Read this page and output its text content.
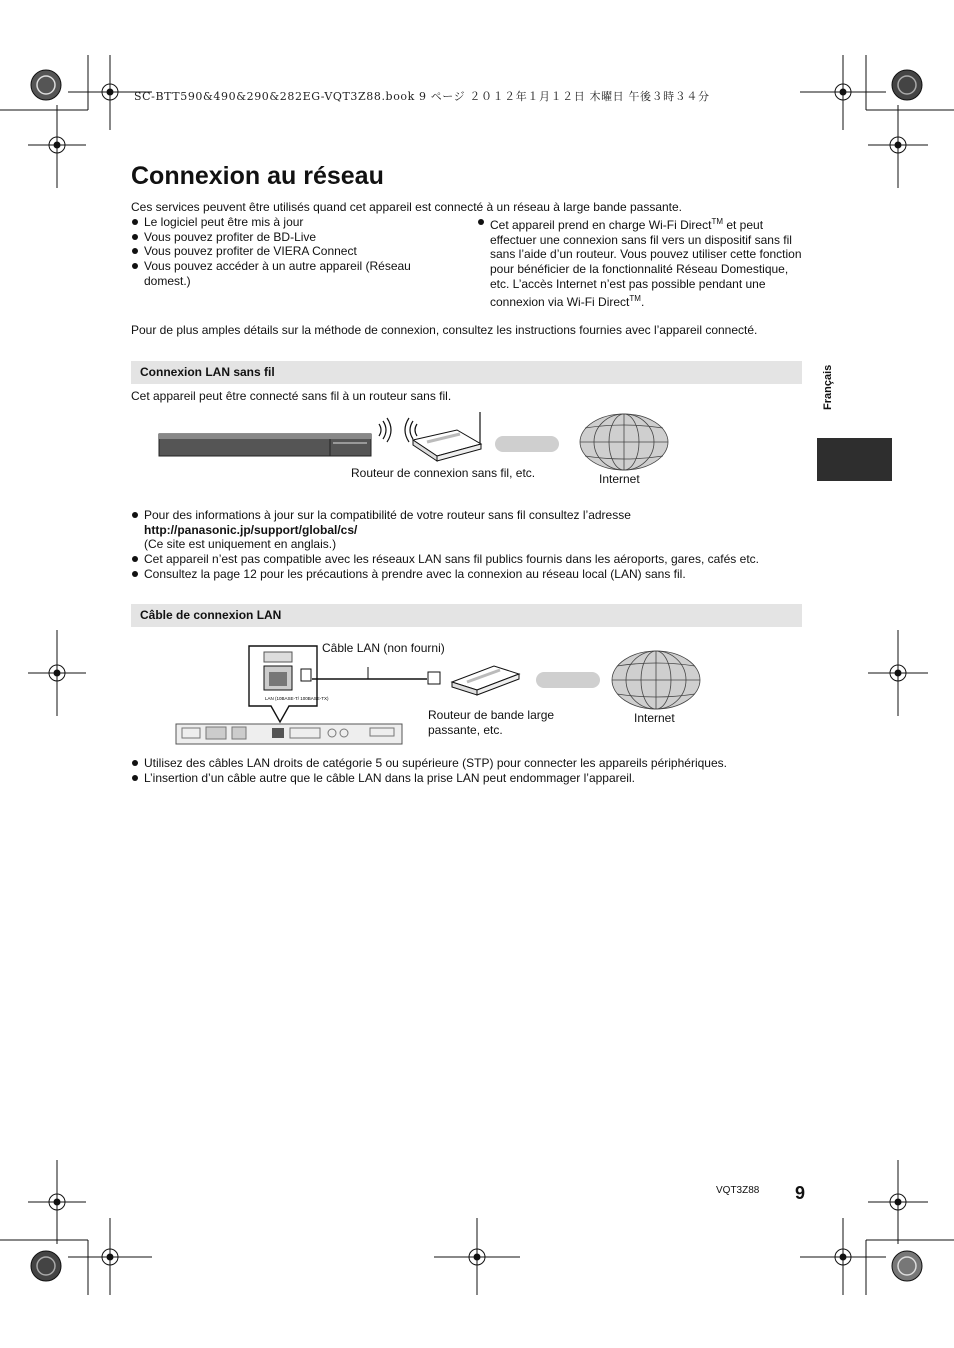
SC-BTT590&490&290&282EG-VQT3Z88.book 9 ページ ２０１２年１月１２日 木曜日 午後３時３４分
Connexion au réseau
Ces services peuvent être utilisés quand cet appareil est connecté à un réseau à large bande passante.
Le logiciel peut être mis à jour
Vous pouvez profiter de BD-Live
Vous pouvez profiter de VIERA Connect
Vous pouvez accéder à un autre appareil (Réseau domest.)
Cet appareil prend en charge Wi-Fi Direct™ et peut effectuer une connexion sans fil vers un dispositif sans fil sans l’aide d’un routeur. Vous pouvez utiliser cette fonction pour bénéficier de la fonctionnalité Réseau Domestique, etc. L’accès Internet n’est pas possible pendant une connexion via Wi-Fi Direct™.
Pour de plus amples détails sur la méthode de connexion, consultez les instructions fournies avec l’appareil connecté.
Français
Connexion LAN sans fil
Cet appareil peut être connecté sans fil à un routeur sans fil.
Routeur de connexion sans fil, etc.	Internet
Pour des informations à jour sur la compatibilité de votre routeur sans fil consultez l’adresse
http://panasonic.jp/support/global/cs/
(Ce site est uniquement en anglais.)
Cet appareil n’est pas compatible avec les réseaux LAN sans fil publics fournis dans les aéroports, gares, cafés etc.
Consultez la page 12 pour les précautions à prendre avec la connexion au réseau local (LAN) sans fil.
Câble de connexion LAN
Câble LAN (non fourni)
LAN (10BASE-T/ 100BASE-TX)
Routeur de bande large passante, etc.
Internet
Utilisez des câbles LAN droits de catégorie 5 ou supérieure (STP) pour connecter les appareils périphériques.
L’insertion d’un câble autre que le câble LAN dans la prise LAN peut endommager l’appareil.
VQT3Z88 9
